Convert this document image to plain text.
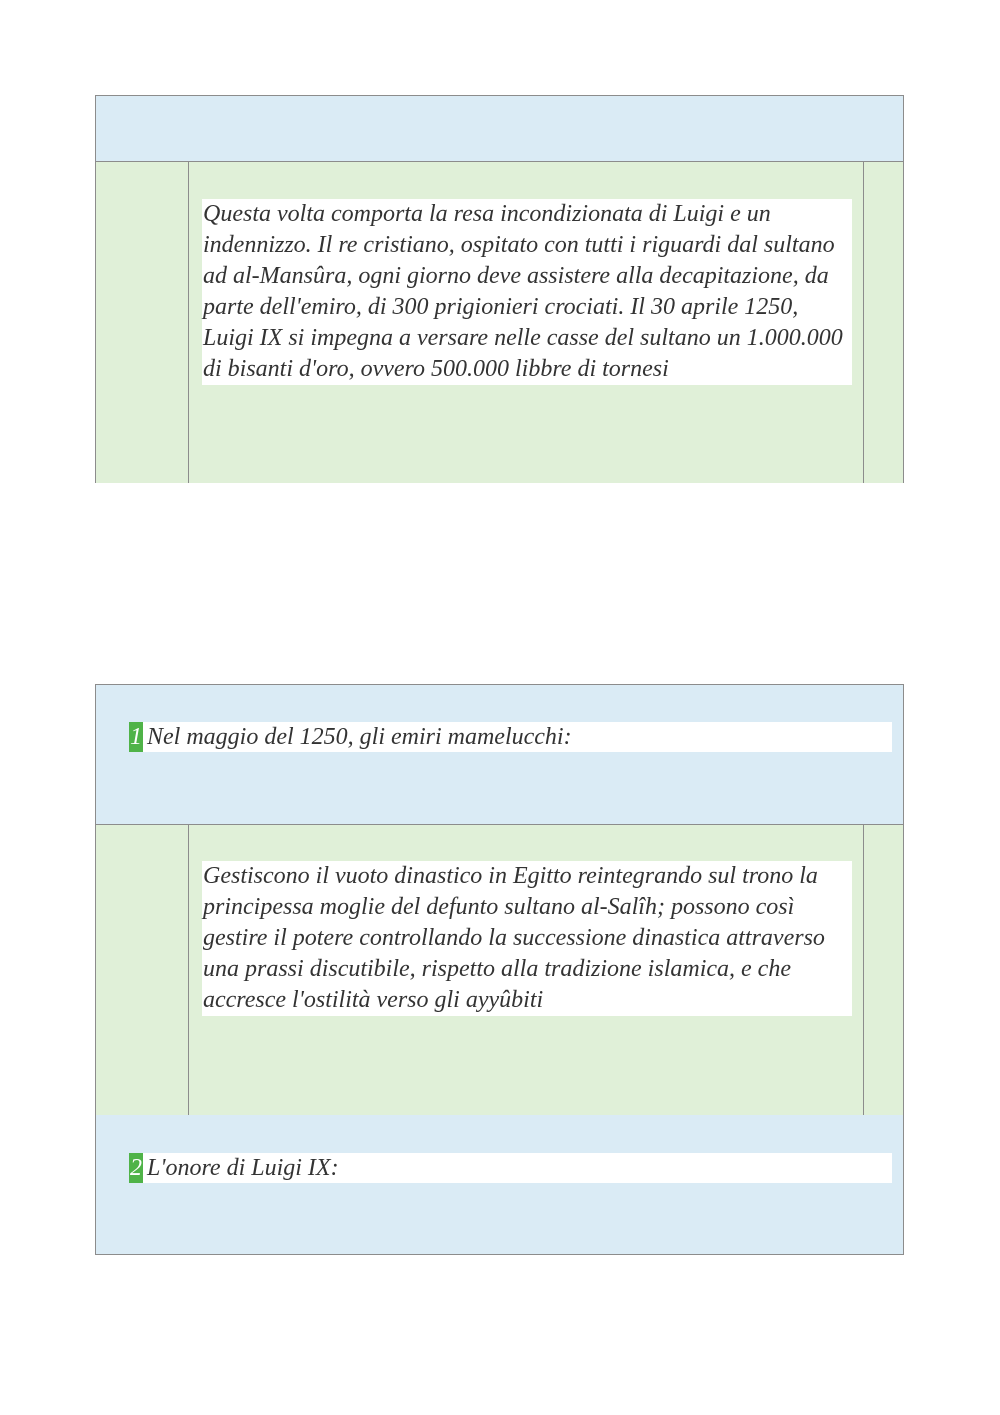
Questa volta comporta la resa incondizionata di Luigi e un indennizzo. Il re cristiano, ospitato con tutti i riguardi dal sultano ad al-Mansûra, ogni giorno deve assistere alla decapitazione, da parte dell'emiro, di 300 prigionieri crociati. Il 30 aprile 1250, Luigi IX si impegna a versare nelle casse del sultano un 1.000.000 di bisanti d'oro, ovvero 500.000 libbre di tornesi
1 Nel maggio del 1250, gli emiri mamelucchi:
Gestiscono il vuoto dinastico in Egitto reintegrando sul trono la principessa moglie del defunto sultano al-Salîh; possono così gestire il potere controllando la successione dinastica attraverso una prassi discutibile, rispetto alla tradizione islamica, e che accresce l'ostilità verso gli ayyûbiti
2 L'onore di Luigi IX:
